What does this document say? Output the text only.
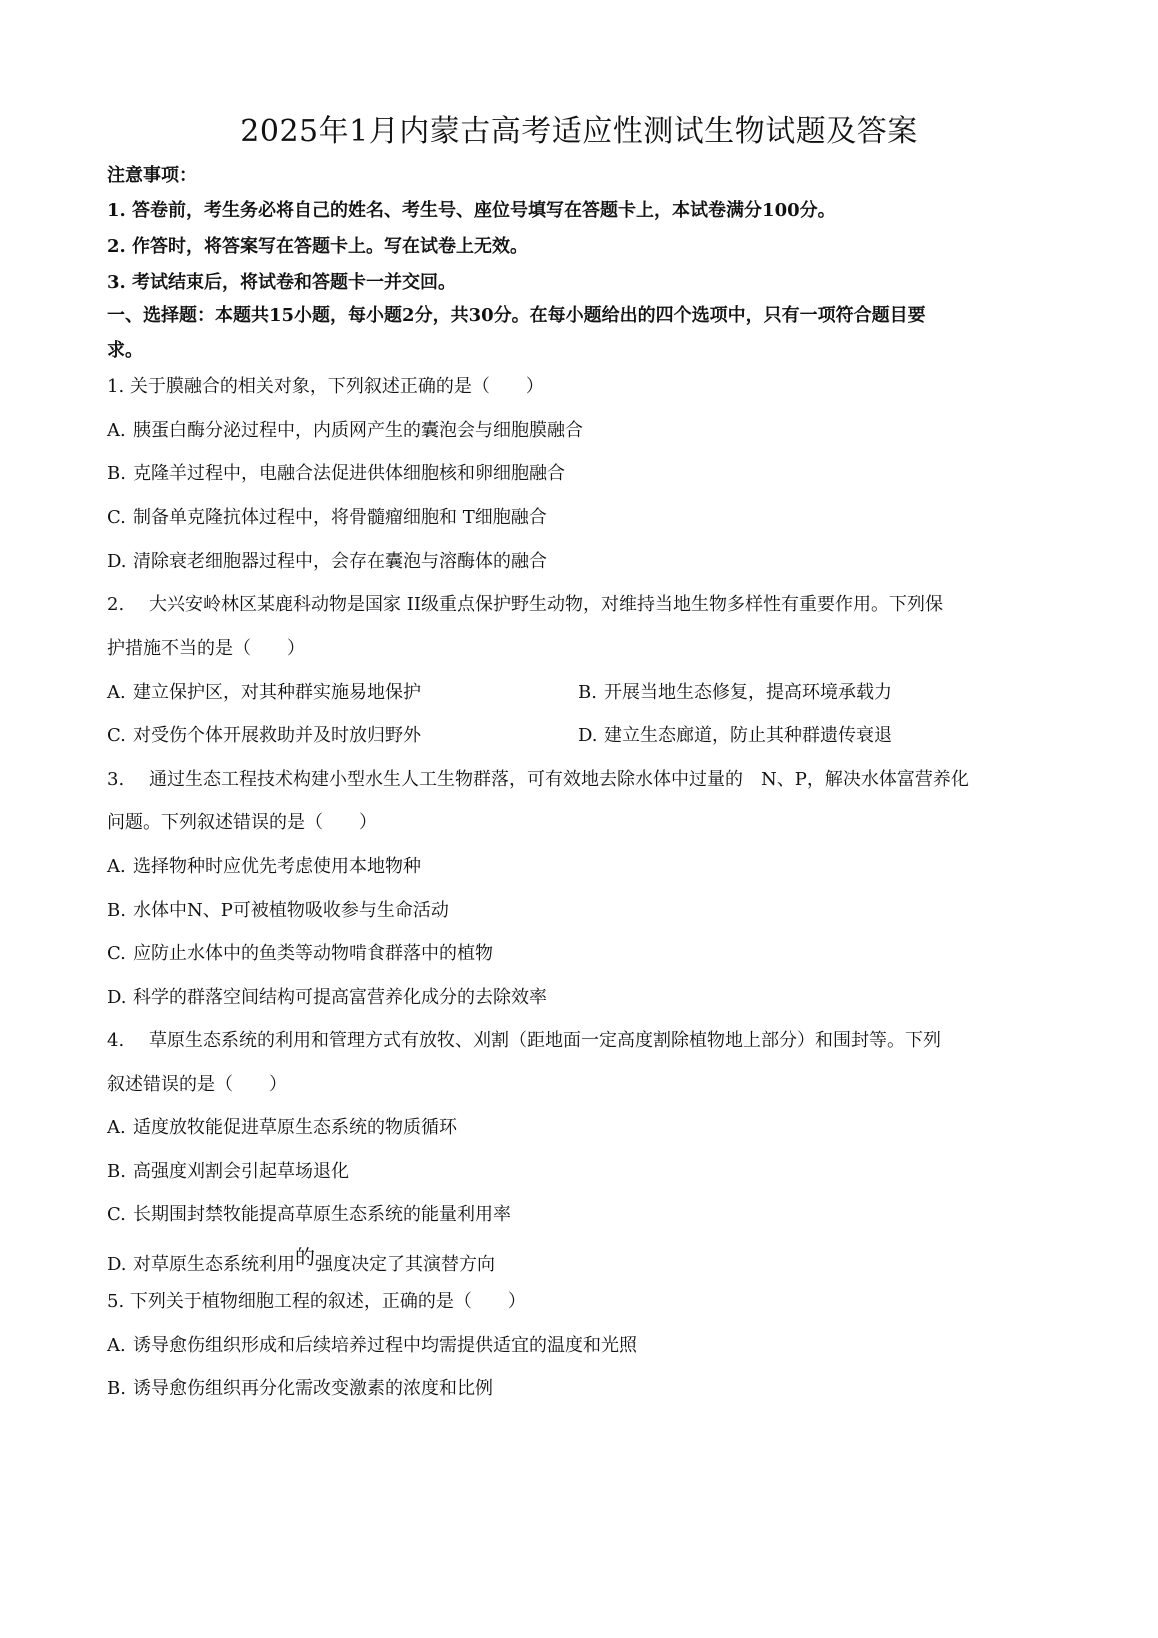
2025年1月内蒙古高考适应性测试生物试题及答案
注意事项：
1. 答卷前，考生务必将自己的姓名、考生号、座位号填写在答题卡上，本试卷满分100分。
2. 作答时，将答案写在答题卡上。写在试卷上无效。
3. 考试结束后，将试卷和答题卡一并交回。
一、选择题：本题共15小题，每小题2分，共30分。在每小题给出的四个选项中，只有一项符合题目要
求。
1. 关于膜融合的相关对象，下列叙述正确的是（　　）
A. 胰蛋白酶分泌过程中，内质网产生的囊泡会与细胞膜融合
B. 克隆羊过程中，电融合法促进供体细胞核和卵细胞融合
C. 制备单克隆抗体过程中，将骨髓瘤细胞和 T细胞融合
D. 清除衰老细胞器过程中，会存在囊泡与溶酶体的融合
2. 大兴安岭林区某鹿科动物是国家 II级重点保护野生动物，对维持当地生物多样性有重要作用。下列保
护措施不当的是（　　）
A. 建立保护区，对其种群实施易地保护	B. 开展当地生态修复，提高环境承载力
C. 对受伤个体开展救助并及时放归野外	D. 建立生态廊道，防止其种群遗传衰退
3. 通过生态工程技术构建小型水生人工生物群落，可有效地去除水体中过量的　N、P，解决水体富营养化
问题。下列叙述错误的是（　　）
A. 选择物种时应优先考虑使用本地物种
B. 水体中N、P可被植物吸收参与生命活动
C. 应防止水体中的鱼类等动物啃食群落中的植物
D. 科学的群落空间结构可提高富营养化成分的去除效率
4. 草原生态系统的利用和管理方式有放牧、刈割（距地面一定高度割除植物地上部分）和围封等。下列
叙述错误的是（　　）
A. 适度放牧能促进草原生态系统的物质循环
B. 高强度刈割会引起草场退化
C. 长期围封禁牧能提高草原生态系统的能量利用率
D. 对草原生态系统利用的强度决定了其演替方向
5. 下列关于植物细胞工程的叙述，正确的是（　　）
A. 诱导愈伤组织形成和后续培养过程中均需提供适宜的温度和光照
B. 诱导愈伤组织再分化需改变激素的浓度和比例
